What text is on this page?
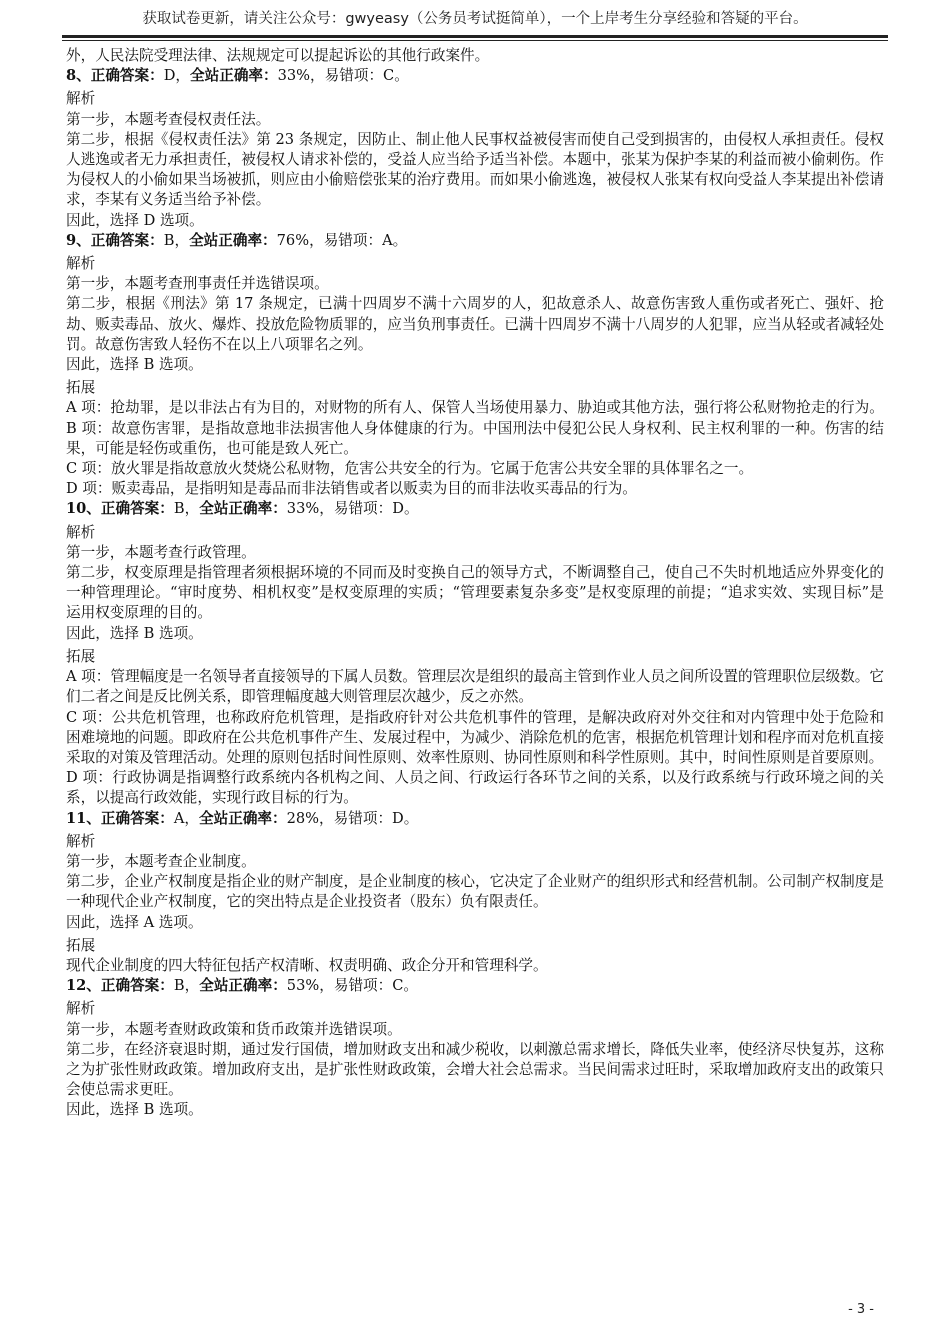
获取试卷更新，请关注公众号：gwyeasy（公务员考试挺简单），一个上岸考生分享经验和答疑的平台。

外，人民法院受理法律、法规规定可以提起诉讼的其他行政案件。

8、正确答案：D，全站正确率：33%，易错项：C。

解析

第一步，本题考查侵权责任法。

第二步，根据《侵权责任法》第 23 条规定，因防止、制止他人民事权益被侵害而使自己受到损害的，由侵权人承担责任。侵权人逃逸或者无力承担责任，被侵权人请求补偿的，受益人应当给予适当补偿。本题中，张某为保护李某的利益而被小偷刺伤。作为侵权人的小偷如果当场被抓，则应由小偷赔偿张某的治疗费用。而如果小偷逃逸，被侵权人张某有权向受益人李某提出补偿请求，李某有义务适当给予补偿。

因此，选择 D 选项。

9、正确答案：B，全站正确率：76%，易错项：A。

解析

第一步，本题考查刑事责任并选错误项。

第二步，根据《刑法》第 17 条规定，已满十四周岁不满十六周岁的人，犯故意杀人、故意伤害致人重伤或者死亡、强奸、抢劫、贩卖毒品、放火、爆炸、投放危险物质罪的，应当负刑事责任。已满十四周岁不满十八周岁的人犯罪，应当从轻或者减轻处罚。故意伤害致人轻伤不在以上八项罪名之列。

因此，选择 B 选项。

拓展

A 项：抢劫罪，是以非法占有为目的，对财物的所有人、保管人当场使用暴力、胁迫或其他方法，强行将公私财物抢走的行为。

B 项：故意伤害罪，是指故意地非法损害他人身体健康的行为。中国刑法中侵犯公民人身权利、民主权利罪的一种。伤害的结果，可能是轻伤或重伤，也可能是致人死亡。

C 项：放火罪是指故意放火焚烧公私财物，危害公共安全的行为。它属于危害公共安全罪的具体罪名之一。

D 项：贩卖毒品，是指明知是毒品而非法销售或者以贩卖为目的而非法收买毒品的行为。

10、正确答案：B，全站正确率：33%，易错项：D。

解析

第一步，本题考查行政管理。

第二步，权变原理是指管理者须根据环境的不同而及时变换自己的领导方式，不断调整自己，使自己不失时机地适应外界变化的一种管理理论。“审时度势、相机权变”是权变原理的实质；“管理要素复杂多变”是权变原理的前提；“追求实效、实现目标”是运用权变原理的目的。

因此，选择 B 选项。

拓展

A 项：管理幅度是一名领导者直接领导的下属人员数。管理层次是组织的最高主管到作业人员之间所设置的管理职位层级数。它们二者之间是反比例关系，即管理幅度越大则管理层次越少，反之亦然。

C 项：公共危机管理，也称政府危机管理，是指政府针对公共危机事件的管理，是解决政府对外交往和对内管理中处于危险和困难境地的问题。即政府在公共危机事件产生、发展过程中，为减少、消除危机的危害，根据危机管理计划和程序而对危机直接采取的对策及管理活动。处理的原则包括时间性原则、效率性原则、协同性原则和科学性原则。其中，时间性原则是首要原则。

D 项：行政协调是指调整行政系统内各机构之间、人员之间、行政运行各环节之间的关系，以及行政系统与行政环境之间的关系，以提高行政效能，实现行政目标的行为。

11、正确答案：A，全站正确率：28%，易错项：D。

解析

第一步，本题考查企业制度。

第二步，企业产权制度是指企业的财产制度，是企业制度的核心，它决定了企业财产的组织形式和经营机制。公司制产权制度是一种现代企业产权制度，它的突出特点是企业投资者（股东）负有限责任。

因此，选择 A 选项。

拓展

现代企业制度的四大特征包括产权清晰、权责明确、政企分开和管理科学。

12、正确答案：B，全站正确率：53%，易错项：C。

解析

第一步，本题考查财政政策和货币政策并选错误项。

第二步，在经济衰退时期，通过发行国债，增加财政支出和减少税收，以刺激总需求增长，降低失业率，使经济尽快复苏，这称之为扩张性财政政策。增加政府支出，是扩张性财政政策，会增大社会总需求。当民间需求过旺时，采取增加政府支出的政策只会使总需求更旺。

因此，选择 B 选项。

- 3 -
